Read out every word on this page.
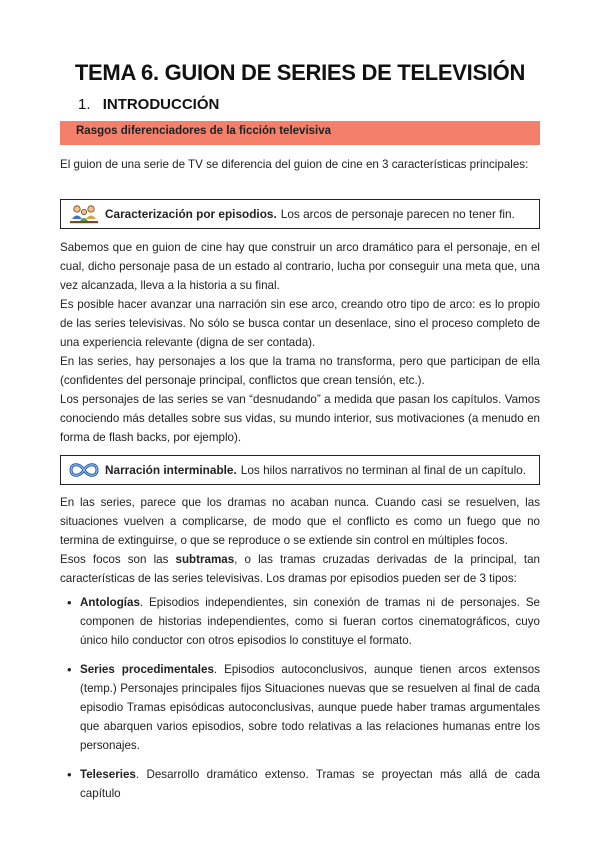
TEMA 6. GUION DE SERIES DE TELEVISIÓN
1. INTRODUCCIÓN
Rasgos diferenciadores de la ficción televisiva
El guion de una serie de TV se diferencia del guion de cine en 3 características principales:
Caracterización por episodios. Los arcos de personaje parecen no tener fin.
Sabemos que en guion de cine hay que construir un arco dramático para el personaje, en el cual, dicho personaje pasa de un estado al contrario, lucha por conseguir una meta que, una vez alcanzada, lleva a la historia a su final.
Es posible hacer avanzar una narración sin ese arco, creando otro tipo de arco: es lo propio de las series televisivas. No sólo se busca contar un desenlace, sino el proceso completo de una experiencia relevante (digna de ser contada).
En las series, hay personajes a los que la trama no transforma, pero que participan de ella (confidentes del personaje principal, conflictos que crean tensión, etc.).
Los personajes de las series se van “desnudando” a medida que pasan los capítulos. Vamos conociendo más detalles sobre sus vidas, su mundo interior, sus motivaciones (a menudo en forma de flash backs, por ejemplo).
Narración interminable. Los hilos narrativos no terminan al final de un capítulo.
En las series, parece que los dramas no acaban nunca. Cuando casi se resuelven, las situaciones vuelven a complicarse, de modo que el conflicto es como un fuego que no termina de extinguirse, o que se reproduce o se extiende sin control en múltiples focos.
Esos focos son las subtramas, o las tramas cruzadas derivadas de la principal, tan características de las series televisivas. Los dramas por episodios pueden ser de 3 tipos:
• Antologías. Episodios independientes, sin conexión de tramas ni de personajes. Se componen de historias independientes, como si fueran cortos cinematográficos, cuyo único hilo conductor con otros episodios lo constituye el formato.
• Series procedimentales. Episodios autoconclusivos, aunque tienen arcos extensos (temp.) Personajes principales fijos Situaciones nuevas que se resuelven al final de cada episodio Tramas episódicas autoconclusivas, aunque puede haber tramas argumentales que abarquen varios episodios, sobre todo relativas a las relaciones humanas entre los personajes.
• Teleseries. Desarrollo dramático extenso. Tramas se proyectan más allá de cada capítulo
